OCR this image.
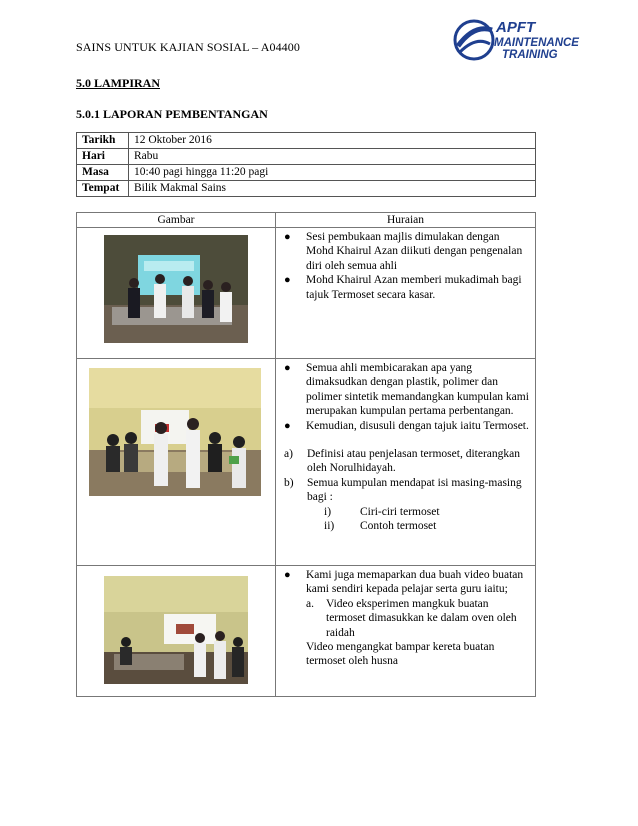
SAINS UNTUK KAJIAN SOSIAL – A04400
APFT
MAINTENANCE
TRAINING
5.0 LAMPIRAN
5.0.1 LAPORAN PEMBENTANGAN
Tarikh	12 Oktober 2016
Hari	Rabu
Masa	10:40 pagi hingga 11:20 pagi
Tempat	Bilik Makmal Sains
Gambar	Huraian
●	Sesi pembukaan majlis dimulakan dengan Mohd Khairul Azan diikuti dengan pengenalan diri oleh semua ahli
●	Mohd Khairul Azan memberi mukadimah bagi tajuk Termoset secara kasar.
●	Semua ahli membicarakan apa yang dimaksudkan dengan plastik, polimer dan polimer sintetik memandangkan kumpulan kami merupakan kumpulan pertama perbentangan.
●	Kemudian, disusuli dengan tajuk iaitu Termoset.
a)	Definisi atau penjelasan termoset, diterangkan oleh Norulhidayah.
b)	Semua kumpulan mendapat isi masing-masing bagi :
i)	Ciri-ciri termoset
ii)	Contoh termoset
●	Kami juga memaparkan dua buah video buatan kami sendiri kepada pelajar serta guru iaitu;
a.	Video eksperimen mangkuk buatan termoset dimasukkan ke dalam oven oleh raidah
Video mengangkat bampar kereta buatan termoset oleh husna
